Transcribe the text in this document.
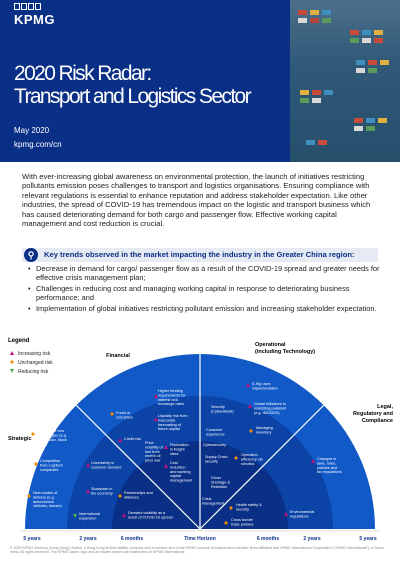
KPMG
2020 Risk Radar:
Transport and Logistics Sector
May 2020
kpmg.com/cn

With ever-increasing global awareness on environmental protection, the launch of initiatives restricting pollutants emission poses challenges to transport and logistics organisations. Ensuring compliance with relevant regulations is essential to enhance reputation and address stakeholder expectation. Like other industries, the spread of COVID-19 has tremendous impact on the logistic and transport business which has caused deteriorating demand for both cargo and passenger flow. Effective working capital management and cost reduction is crucial.

⚲	Key trends observed in the market impacting the industry in the Greater China region:
• Decrease in demand for cargo/ passenger flow as a result of the COVID-19 spread and greater needs for effective crisis management plan;
• Challenges in reducing cost and managing working capital in response to deteriorating business performance; and
• Implementation of global initiatives restricting pollutant emission and increasing stakeholder expectation.
5 years	2 years	6 months	Time Horizon	6 months	2 years	5 years
Legend
Increasing risk
Unchanged risk
Reducing risk
Financial
Operational
(including Technology)
Legal,
Regulatory and
Compliance
Strategic
Higher funding requirements for interest and exchange rates
Fraud or corruption	Liquidity risk from inaccurate forecasting of future capital
Credit risk
Price volatility of fuel from recent oil price war
Fluctuation in freight rates
Cost reduction and working capital management
Adoption of new technologies (e.g. automation, block chain)
Competition from LogTech companies
Uncertainty in customer demand
Slowdown in the economy	Partnerships and alliances
New modes of delivery (e.g. autonomous vehicles, drones)
International expansion
Demand volatility as a result of COVID-19 spread
E-Sig uses implementation
Security (Cyberattack)
Global initiatives to restricting pollutant (e.g. IMO2020)
Customer experience
Managing inventory
Cybersecurity
Supply Chain security
Operation efficiency via robotics
Driver Shortage & Retention
Crisis management
Changes in laws, rules, policies and tax regulations
Health safety & security
Environmental regulations
Cross border trade policies
© 2020 KPMG Advisory (Hong Kong) Limited, a Hong Kong limited liability company and a member firm of the KPMG network of independent member firms affiliated with KPMG International Cooperative ("KPMG International"), a Swiss entity. All rights reserved. The KPMG name, logo and all related names are trademarks of KPMG International.
